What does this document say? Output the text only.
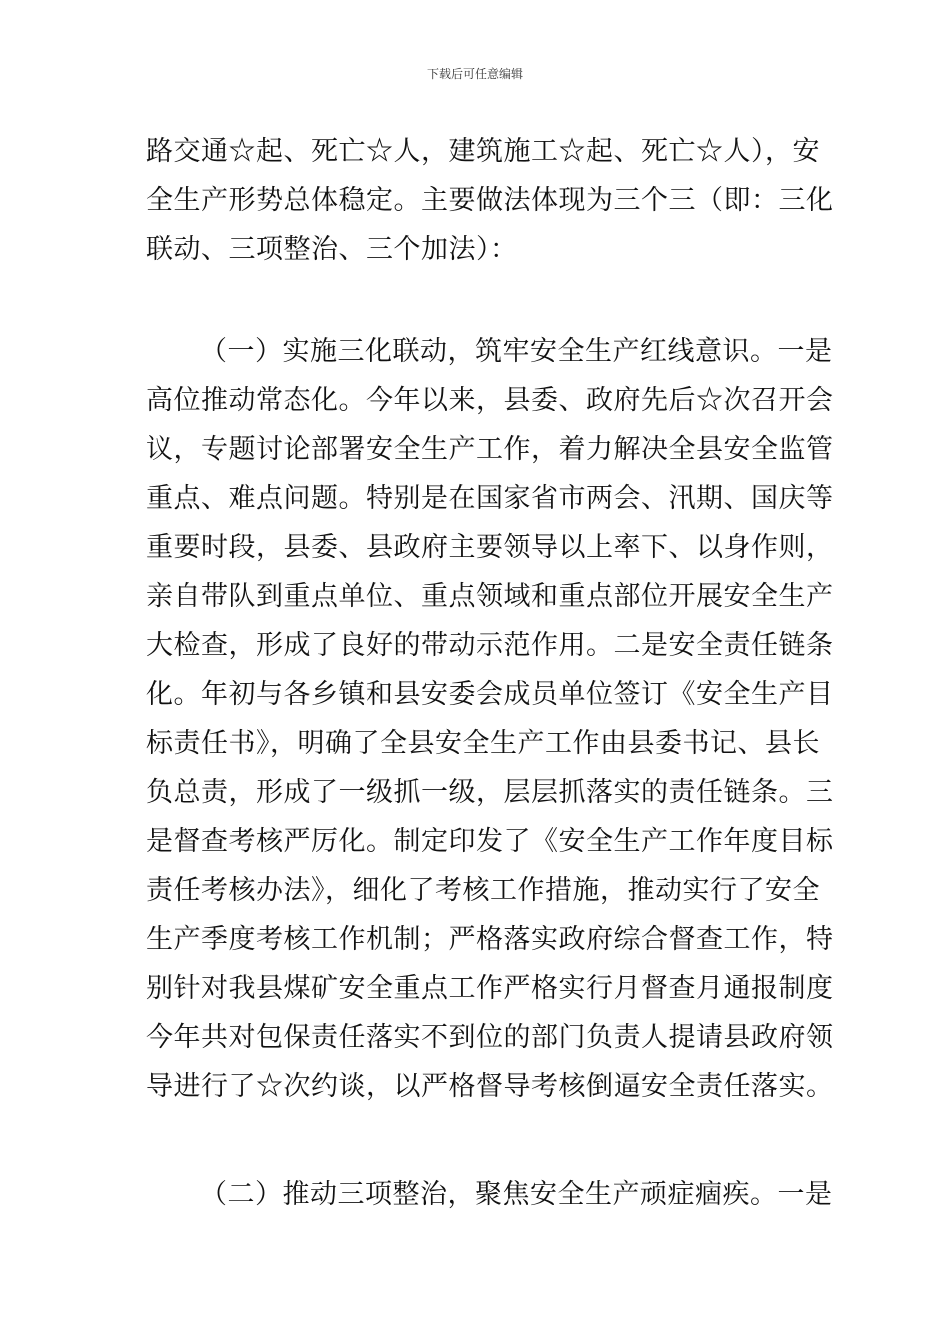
下载后可任意编辑
路交通☆起、死亡☆人，建筑施工☆起、死亡☆人），安
全生产形势总体稳定。主要做法体现为三个三（即：三化
联动、三项整治、三个加法）：
（一）实施三化联动，筑牢安全生产红线意识。一是
高位推动常态化。今年以来，县委、政府先后☆次召开会
议，专题讨论部署安全生产工作，着力解决全县安全监管
重点、难点问题。特别是在国家省市两会、汛期、国庆等
重要时段，县委、县政府主要领导以上率下、以身作则，
亲自带队到重点单位、重点领域和重点部位开展安全生产
大检查，形成了良好的带动示范作用。二是安全责任链条
化。年初与各乡镇和县安委会成员单位签订《安全生产目
标责任书》，明确了全县安全生产工作由县委书记、县长
负总责，形成了一级抓一级，层层抓落实的责任链条。三
是督查考核严厉化。制定印发了《安全生产工作年度目标
责任考核办法》，细化了考核工作措施，推动实行了安全
生产季度考核工作机制；严格落实政府综合督查工作，特
别针对我县煤矿安全重点工作严格实行月督查月通报制度
今年共对包保责任落实不到位的部门负责人提请县政府领
导进行了☆次约谈，以严格督导考核倒逼安全责任落实。
（二）推动三项整治，聚焦安全生产顽症痼疾。一是
